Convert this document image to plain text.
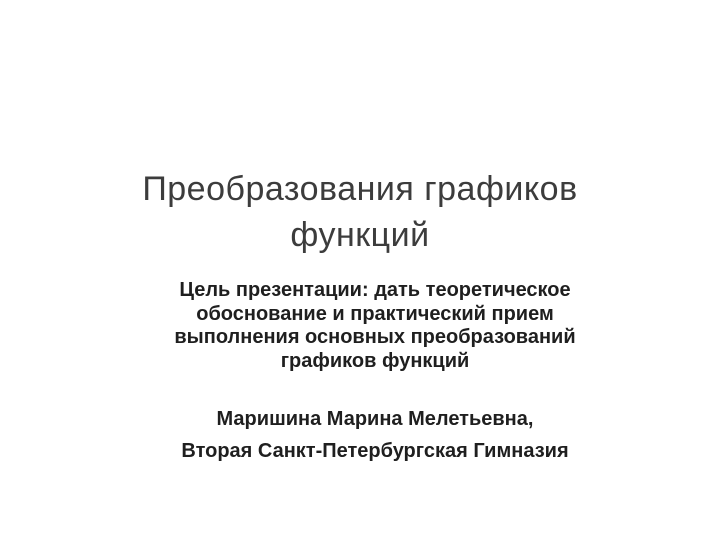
Преобразования графиков функций

Цель презентации: дать теоретическое обоснование и практический прием выполнения основных преобразований графиков функций

Маришина Марина Мелетьевна,

Вторая Санкт-Петербургская Гимназия
